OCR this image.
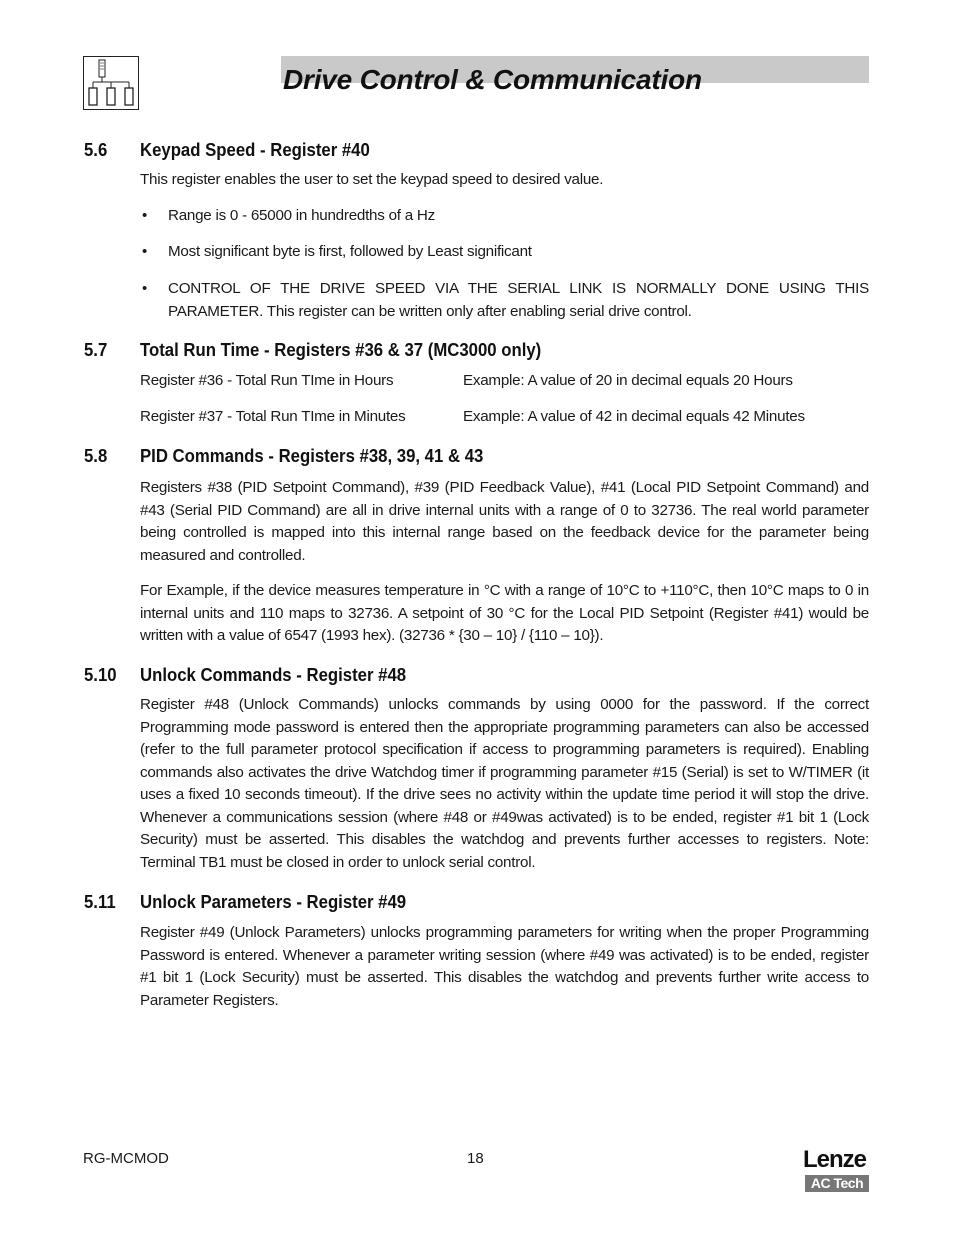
Drive Control & Communication
5.6 Keypad Speed - Register #40

This register enables the user to set the keypad speed to desired value.

• Range is 0 - 65000 in hundredths of a Hz

• Most significant byte is first, followed by Least significant

• CONTROL OF THE DRIVE SPEED VIA THE SERIAL LINK IS NORMALLY DONE USING THIS PARAMETER. This register can be written only after enabling serial drive control.

5.7 Total Run Time - Registers #36 & 37 (MC3000 only)
Register #36 - Total Run TIme in Hours	Example: A value of 20 in decimal equals 20 Hours
Register #37 - Total Run TIme in Minutes	Example: A value of 42 in decimal equals 42 Minutes
5.8 PID Commands - Registers #38, 39, 41 & 43

Registers #38 (PID Setpoint Command), #39 (PID Feedback Value), #41 (Local PID Setpoint Command) and #43 (Serial PID Command) are all in drive internal units with a range of 0 to 32736. The real world parameter being controlled is mapped into this internal range based on the feedback device for the parameter being measured and controlled.

For Example, if the device measures temperature in °C with a range of 10°C to +110°C, then 10°C maps to 0 in internal units and 110 maps to 32736. A setpoint of 30 °C for the Local PID Setpoint (Register #41) would be written with a value of 6547 (1993 hex). (32736 * {30 – 10} / {110 – 10}).

5.10 Unlock Commands - Register #48

Register #48 (Unlock Commands) unlocks commands by using 0000 for the password. If the correct Programming mode password is entered then the appropriate programming parameters can also be accessed (refer to the full parameter protocol specification if access to programming parameters is required). Enabling commands also activates the drive Watchdog timer if programming parameter #15 (Serial) is set to W/TIMER (it uses a fixed 10 seconds timeout). If the drive sees no activity within the update time period it will stop the drive. Whenever a communications session (where #48 or #49was activated) is to be ended, register #1 bit 1 (Lock Security) must be asserted. This disables the watchdog and prevents further accesses to registers. Note: Terminal TB1 must be closed in order to unlock serial control.

5.11 Unlock Parameters - Register #49

Register #49 (Unlock Parameters) unlocks programming parameters for writing when the proper Programming Password is entered. Whenever a parameter writing session (where #49 was activated) is to be ended, register #1 bit 1 (Lock Security) must be asserted. This disables the watchdog and prevents further write access to Parameter Registers.

RG-MCMOD	18	Lenze
AC Tech
